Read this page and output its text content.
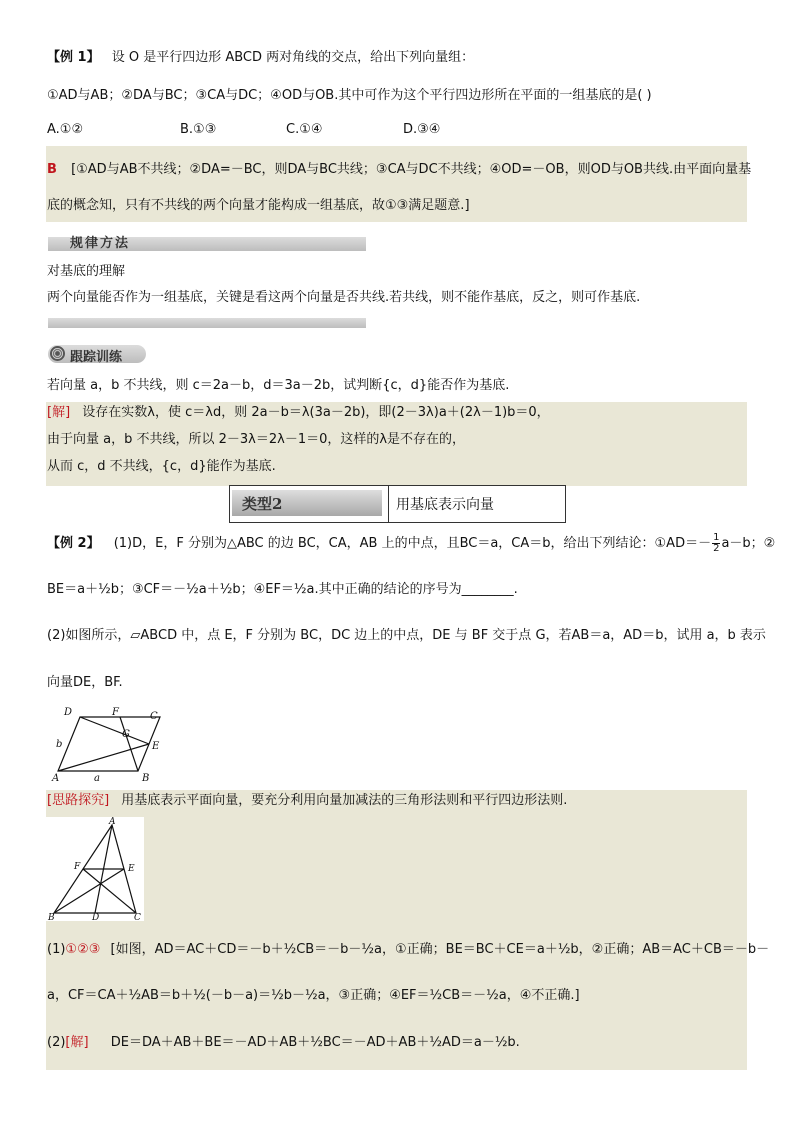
【例 1】 设 O 是平行四边形 ABCD 两对角线的交点，给出下列向量组：
①AD与AB；②DA与BC；③CA与DC；④OD与OB.其中可作为这个平行四边形所在平面的一组基底的是( )
A.①②	B.①③	C.①④	D.③④
B [①AD与AB不共线；②DA=－BC，则DA与BC共线；③CA与DC不共线；④OD=－OB，则OD与OB共线.由平面向量基
底的概念知，只有不共线的两个向量才能构成一组基底，故①③满足题意.]
规律方法
对基底的理解
两个向量能否作为一组基底，关键是看这两个向量是否共线.若共线，则不能作基底，反之，则可作基底.
跟踪训练
若向量 a，b 不共线，则 c＝2a－b，d＝3a－2b，试判断{c，d}能否作为基底.
[解] 设存在实数λ，使 c＝λd，则 2a－b＝λ(3a－2b)，即(2－3λ)a＋(2λ－1)b＝0，
由于向量 a，b 不共线，所以 2－3λ＝2λ－1＝0，这样的λ是不存在的，
从而 c，d 不共线，{c，d}能作为基底.
类型2	用基底表示向量
【例 2】 (1)D，E，F 分别为△ABC 的边 BC，CA，AB 上的中点，且BC＝a，CA＝b，给出下列结论：①AD＝－ $\frac{1}{2} a-b$；②
BE＝a＋½b；③CF＝－½a＋½b；④EF＝½a.其中正确的结论的序号为________.
(2)如图所示，▱ABCD 中，点 E，F 分别为 BC，DC 边上的中点，DE 与 BF 交于点 G，若AB＝a，AD＝b，试用 a，b 表示
向量DE，BF.
D	F	C
G
E
b
A	a	B
[思路探究] 用基底表示平面向量，要充分利用向量加减法的三角形法则和平行四边形法则.
A
F	E
B	D	C
(1)①②③ [如图，AD＝AC＋CD＝－b＋½CB＝－b－½a，①正确；BE＝BC＋CE＝a＋½b，②正确；AB＝AC＋CB＝－b－
a，CF＝CA＋½AB＝b＋½(－b－a)＝½b－½a，③正确；④EF＝½CB＝－½a，④不正确.]
(2)[解] DE＝DA＋AB＋BE＝－AD＋AB＋½BC＝－AD＋AB＋½AD＝a－½b.
